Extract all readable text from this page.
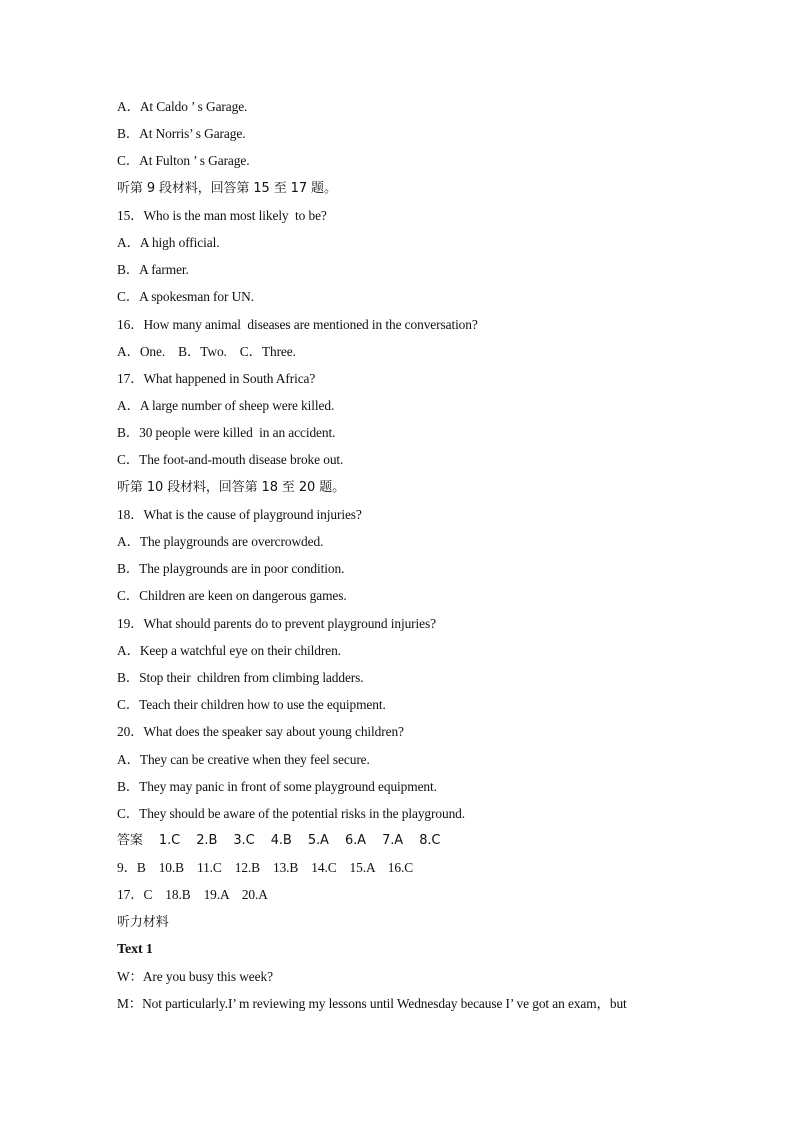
A．At Caldo ’ s Garage.
B．At Norris’ s Garage.
C．At Fulton ’ s Garage.
听第 9 段材料，回答第 15 至 17 题。
15．Who is the man most likely  to be?
A．A high official.
B．A farmer.
C．A spokesman for UN.
16．How many animal  diseases are mentioned in the conversation?
A．One.    B．Two.    C．Three.
17．What happened in South Africa?
A．A large number of sheep were killed.
B．30 people were killed  in an accident.
C．The foot-and-mouth disease broke out.
听第 10 段材料，回答第 18 至 20 题。
18．What is the cause of playground injuries?
A．The playgrounds are overcrowded.
B．The playgrounds are in poor condition.
C．Children are keen on dangerous games.
19．What should parents do to prevent playground injuries?
A．Keep a watchful eye on their children.
B．Stop their  children from climbing ladders.
C．Teach their children how to use the equipment.
20．What does the speaker say about young children?
A．They can be creative when they feel secure.
B．They may panic in front of some playground equipment.
C．They should be aware of the potential risks in the playground.
答案    1.C    2.B    3.C    4.B    5.A    6.A    7.A    8.C
9．B    10.B    11.C    12.B    13.B    14.C    15.A    16.C
17．C    18.B    19.A    20.A
听力材料
Text 1
W：Are you busy this week?
M：Not particularly.I’ m reviewing my lessons until Wednesday because I’ ve got an exam，but
